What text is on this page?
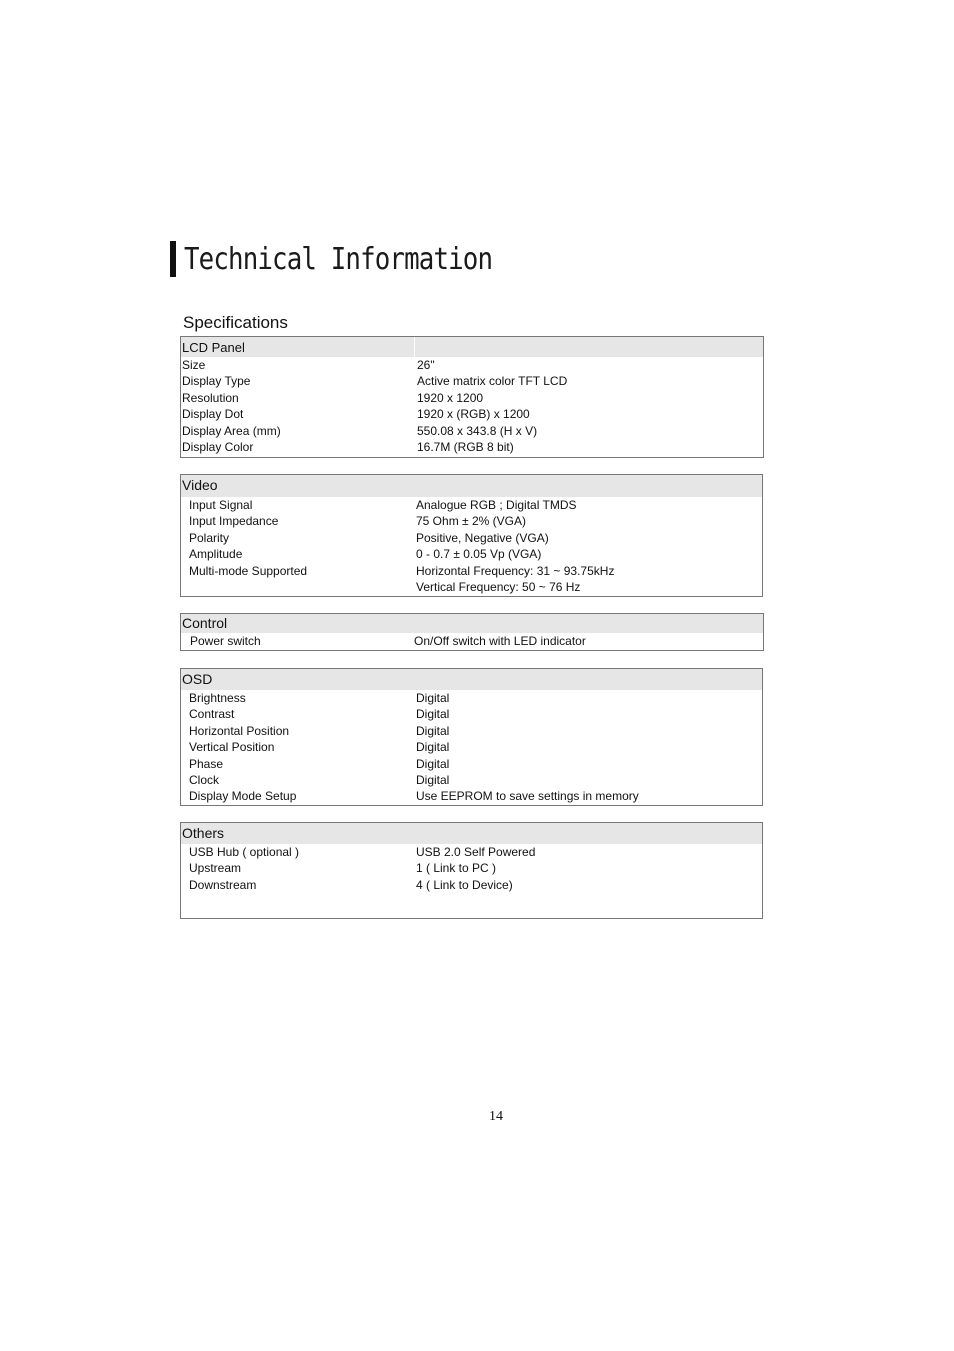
Technical Information
Specifications
LCD Panel
Size	26"
Display Type	Active matrix color TFT LCD
Resolution	1920 x 1200
Display Dot	1920 x (RGB) x 1200
Display Area (mm)	550.08 x 343.8 (H x V)
Display Color	16.7M (RGB 8 bit)
Video
Input Signal	Analogue RGB ; Digital TMDS
Input Impedance	75 Ohm ± 2% (VGA)
Polarity	Positive, Negative (VGA)
Amplitude	0 - 0.7 ± 0.05 Vp (VGA)
Multi-mode Supported	Horizontal Frequency: 31 ~ 93.75kHz
Vertical Frequency: 50 ~ 76 Hz
Control
Power switch	On/Off switch with LED indicator
OSD
Brightness	Digital
Contrast	Digital
Horizontal Position	Digital
Vertical Position	Digital
Phase	Digital
Clock	Digital
Display Mode Setup	Use EEPROM to save settings in memory
Others
USB Hub ( optional )	USB 2.0 Self Powered
Upstream	1 ( Link to PC )
Downstream	4 ( Link to Device)
14
